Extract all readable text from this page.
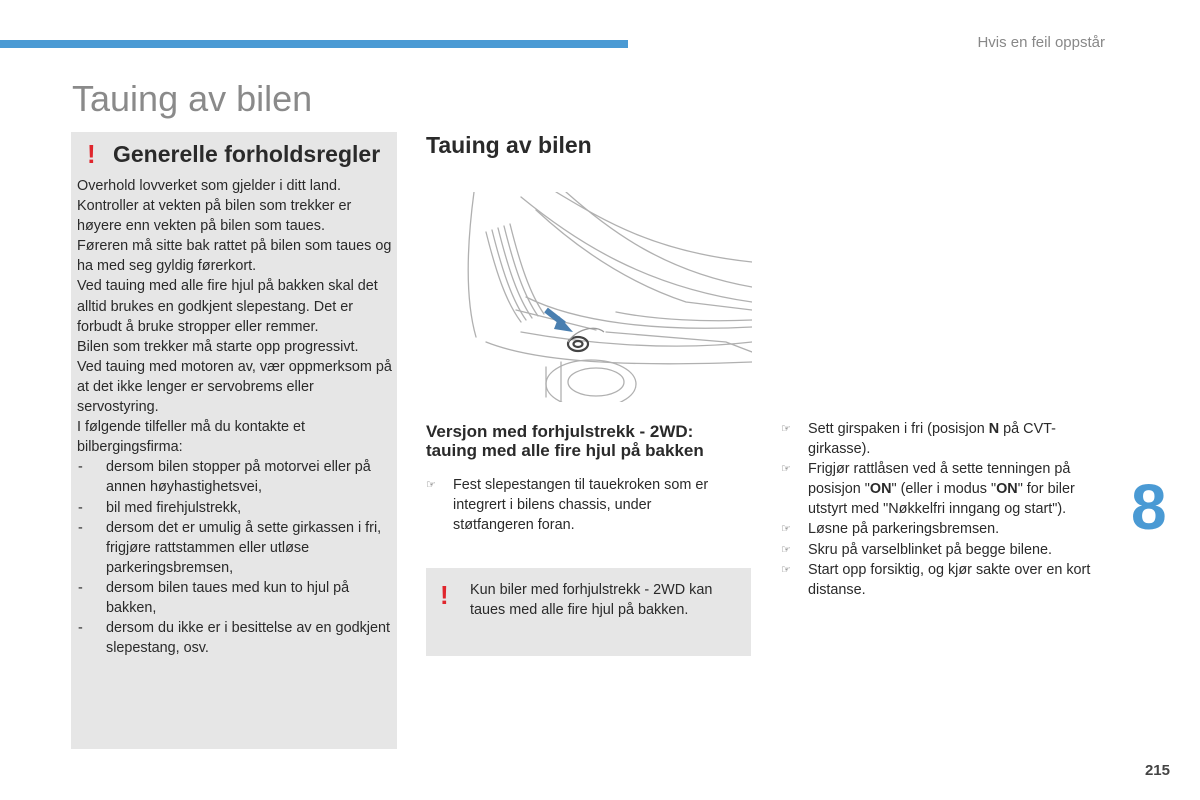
Hvis en feil oppstår
Tauing av bilen
! Generelle forholdsregler

Overhold lovverket som gjelder i ditt land.

Kontroller at vekten på bilen som trekker er høyere enn vekten på bilen som taues.

Føreren må sitte bak rattet på bilen som taues og ha med seg gyldig førerkort.

Ved tauing med alle fire hjul på bakken skal det alltid brukes en godkjent slepestang. Det er forbudt å bruke stropper eller remmer.

Bilen som trekker må starte opp progressivt.

Ved tauing med motoren av, vær oppmerksom på at det ikke lenger er servobrems eller servostyring.

I følgende tilfeller må du kontakte et bilbergingsfirma:

- dersom bilen stopper på motorvei eller på annen høyhastighetsvei,
- bil med firehjulstrekk,
- dersom det er umulig å sette girkassen i fri, frigjøre rattstammen eller utløse parkeringsbremsen,
- dersom bilen taues med kun to hjul på bakken,
- dersom du ikke er i besittelse av en godkjent slepestang, osv.
Tauing av bilen
Versjon med forhjulstrekk - 2WD:
tauing med alle fire hjul på bakken
☞ Fest slepestangen til tauekroken som er integrert i bilens chassis, under støtfangeren foran.
! Kun biler med forhjulstrekk - 2WD kan taues med alle fire hjul på bakken.

☞ Sett girspaken i fri (posisjon N på CVT-girkasse).
☞ Frigjør rattlåsen ved å sette tenningen på posisjon "ON" (eller i modus "ON" for biler utstyrt med "Nøkkelfri inngang og start").
☞ Løsne på parkeringsbremsen.
☞ Skru på varselblinket på begge bilene.
☞ Start opp forsiktig, og kjør sakte over en kort distanse.
8
215
